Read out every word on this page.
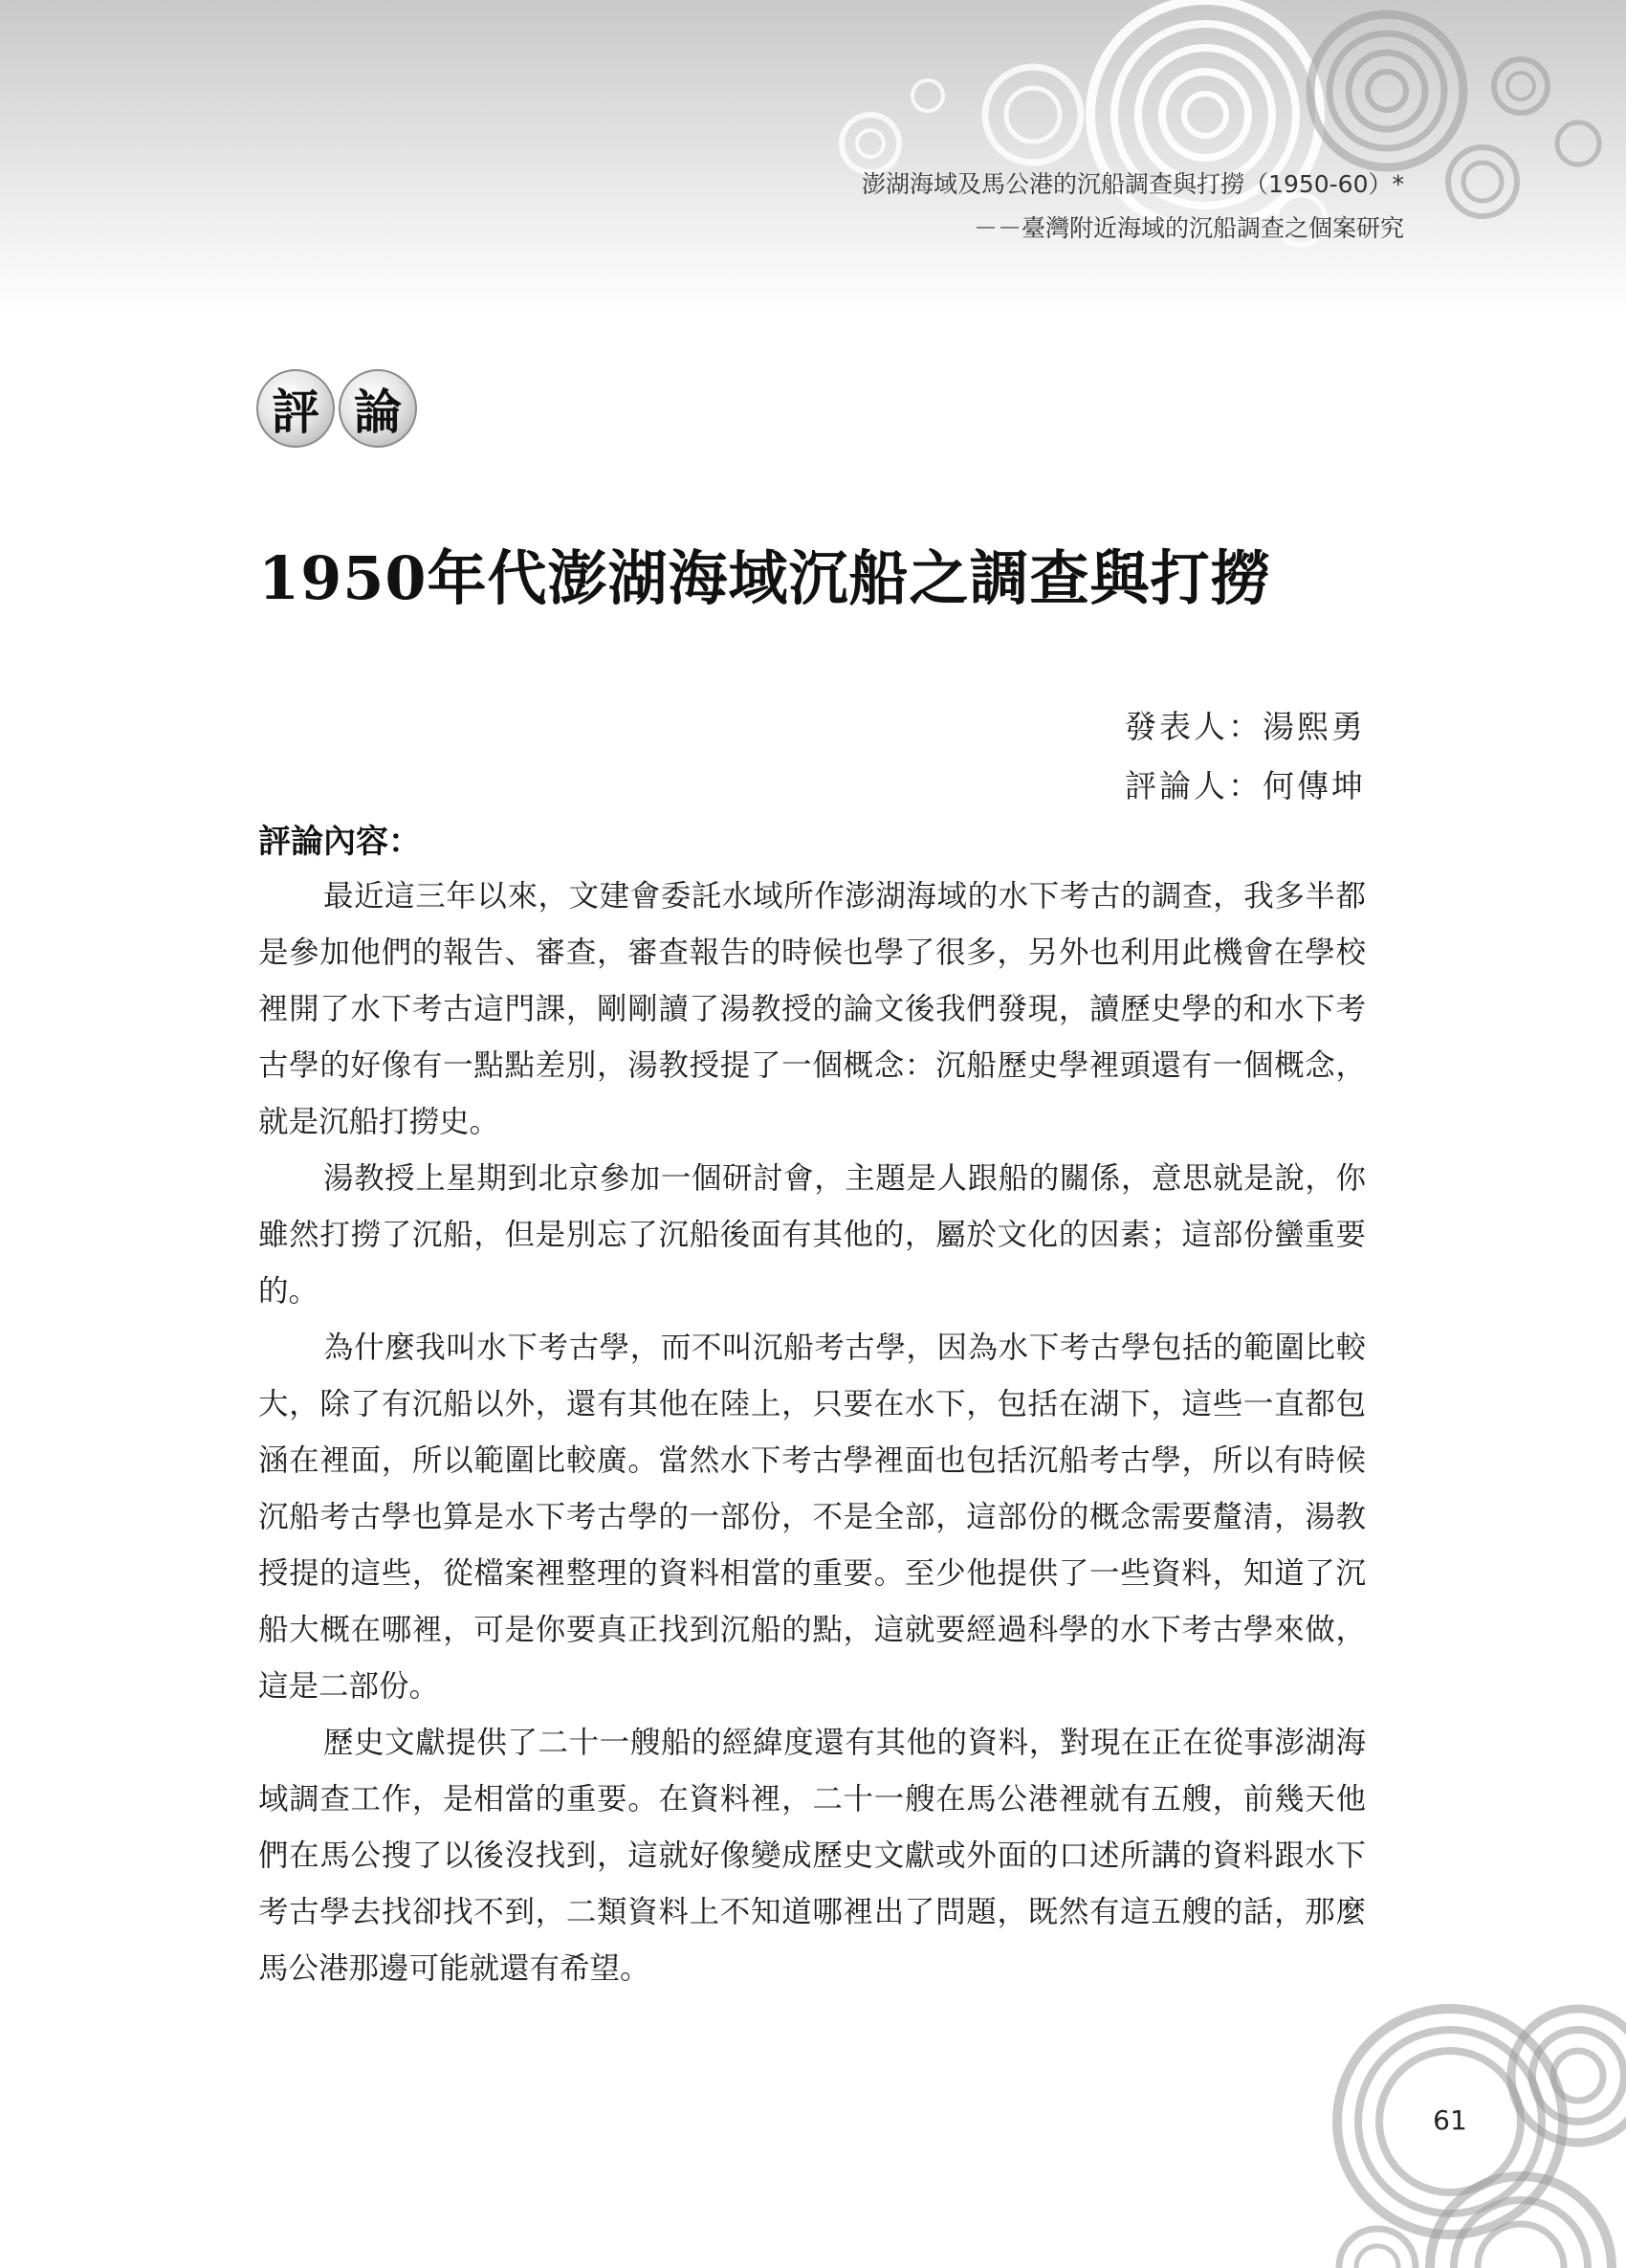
澎湖海域及馬公港的沉船調查與打撈（1950-60）*
－－臺灣附近海域的沉船調查之個案研究
評 論
1950年代澎湖海域沉船之調查與打撈
發表人：湯熙勇
評論人：何傳坤
評論內容：

最近這三年以來，文建會委託水域所作澎湖海域的水下考古的調查，我多半都是參加他們的報告、審查，審查報告的時候也學了很多，另外也利用此機會在學校裡開了水下考古這門課，剛剛讀了湯教授的論文後我們發現，讀歷史學的和水下考古學的好像有一點點差別，湯教授提了一個概念：沉船歷史學裡頭還有一個概念，就是沉船打撈史。

湯教授上星期到北京參加一個研討會，主題是人跟船的關係，意思就是說，你雖然打撈了沉船，但是別忘了沉船後面有其他的，屬於文化的因素；這部份蠻重要的。

為什麼我叫水下考古學，而不叫沉船考古學，因為水下考古學包括的範圍比較大，除了有沉船以外，還有其他在陸上，只要在水下，包括在湖下，這些一直都包涵在裡面，所以範圍比較廣。當然水下考古學裡面也包括沉船考古學，所以有時候沉船考古學也算是水下考古學的一部份，不是全部，這部份的概念需要釐清，湯教授提的這些，從檔案裡整理的資料相當的重要。至少他提供了一些資料，知道了沉船大概在哪裡，可是你要真正找到沉船的點，這就要經過科學的水下考古學來做，這是二部份。

歷史文獻提供了二十一艘船的經緯度還有其他的資料，對現在正在從事澎湖海域調查工作，是相當的重要。在資料裡，二十一艘在馬公港裡就有五艘，前幾天他們在馬公搜了以後沒找到，這就好像變成歷史文獻或外面的口述所講的資料跟水下考古學去找卻找不到，二類資料上不知道哪裡出了問題，既然有這五艘的話，那麼馬公港那邊可能就還有希望。

61
